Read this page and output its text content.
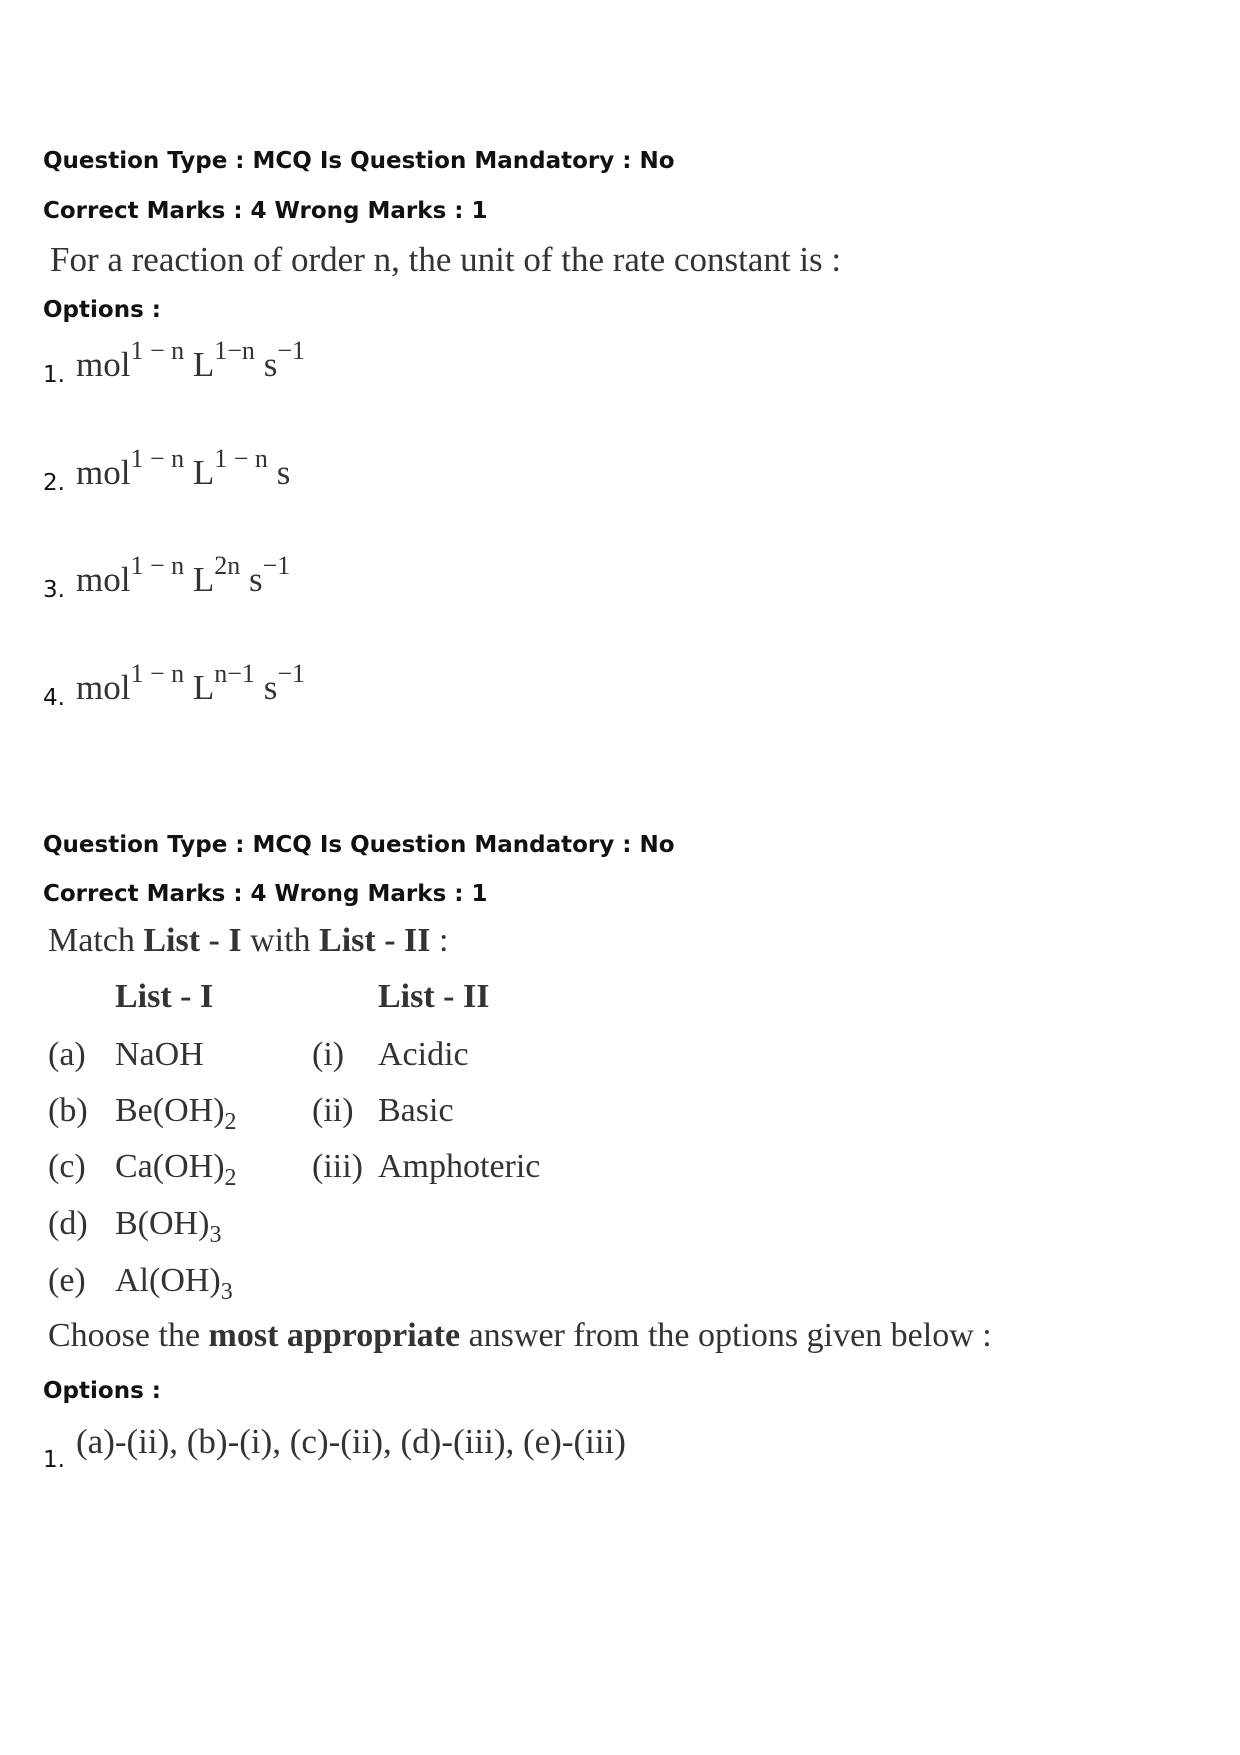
Question Type : MCQ Is Question Mandatory : No
Correct Marks : 4 Wrong Marks : 1
For a reaction of order n, the unit of the rate constant is :
Options :
1. mol$^{1 - n}$ $L^{1-n}$ $s^{-1}$
2. mol$^{1 - n}$ $L^{1 - n}$ s
3. mol$^{1 - n}$ $L^{2n}$ $s^{-1}$
4. mol$^{1 - n}$ $L^{n-1}$ $s^{-1}$
Question Type : MCQ Is Question Mandatory : No
Correct Marks : 4 Wrong Marks : 1
Match List - I with List - II :
List - I	List - II
(a) NaOH
(b) $Be(OH)_2$
(c) $Ca(OH)_2$
(d) $B(OH)_3$
(e) $Al(OH)_3$
(i) Acidic
(ii) Basic
(iii) Amphoteric
Choose the most appropriate answer from the options given below :
Options :
1. (a)-(ii), (b)-(i), (c)-(ii), (d)-(iii), (e)-(iii)
